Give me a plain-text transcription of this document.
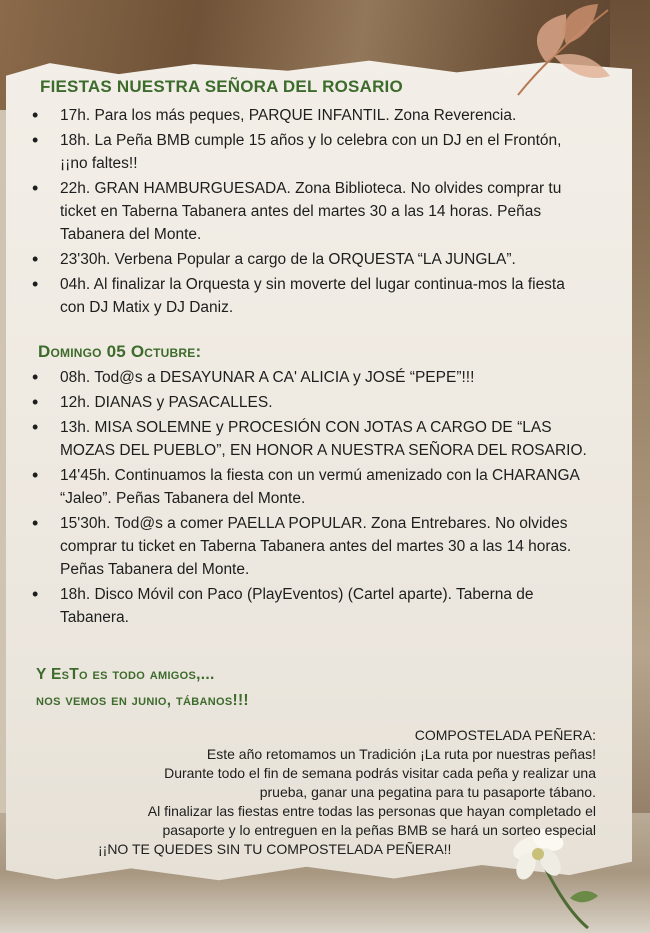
FIESTAS NUESTRA SEÑORA DEL ROSARIO
• 17h. Para los más peques, PARQUE INFANTIL. Zona Reverencia.
• 18h. La Peña BMB cumple 15 años y lo celebra con un DJ en el Frontón, ¡¡no faltes!!
• 22h. GRAN HAMBURGUESADA. Zona Biblioteca. No olvides comprar tu ticket en Taberna Tabanera antes del martes 30 a las 14 horas. Peñas Tabanera del Monte.
• 23'30h. Verbena Popular a cargo de la ORQUESTA “LA JUNGLA”.
• 04h. Al finalizar la Orquesta y sin moverte del lugar continua-mos la fiesta con DJ Matix y DJ Daniz.
Domingo 05 Octubre:
• 08h. Tod@s a DESAYUNAR A CA' ALICIA y JOSÉ “PEPE”!!!
• 12h. DIANAS y PASACALLES.
• 13h. MISA SOLEMNE y PROCESIÓN CON JOTAS A CARGO DE “LAS MOZAS DEL PUEBLO”, EN HONOR A NUESTRA SEÑORA DEL ROSARIO.
• 14'45h. Continuamos la fiesta con un vermú amenizado con la CHARANGA “Jaleo”. Peñas Tabanera del Monte.
• 15'30h. Tod@s a comer PAELLA POPULAR. Zona Entrebares. No olvides comprar tu ticket en Taberna Tabanera antes del martes 30 a las 14 horas. Peñas Tabanera del Monte.
• 18h. Disco Móvil con Paco (PlayEventos) (Cartel aparte). Taberna de Tabanera.

Y EsTo es todo amigos,...

nos vemos en junio, tábanos!!!

COMPOSTELADA PEÑERA:

Este año retomamos un Tradición ¡La ruta por nuestras peñas!

Durante todo el fin de semana podrás visitar cada peña y realizar una

prueba, ganar una pegatina para tu pasaporte tábano.

Al finalizar las fiestas entre todas las personas que hayan completado el

pasaporte y lo entreguen en la peñas BMB se hará un sorteo especial

¡¡NO TE QUEDES SIN TU COMPOSTELADA PEÑERA!!
